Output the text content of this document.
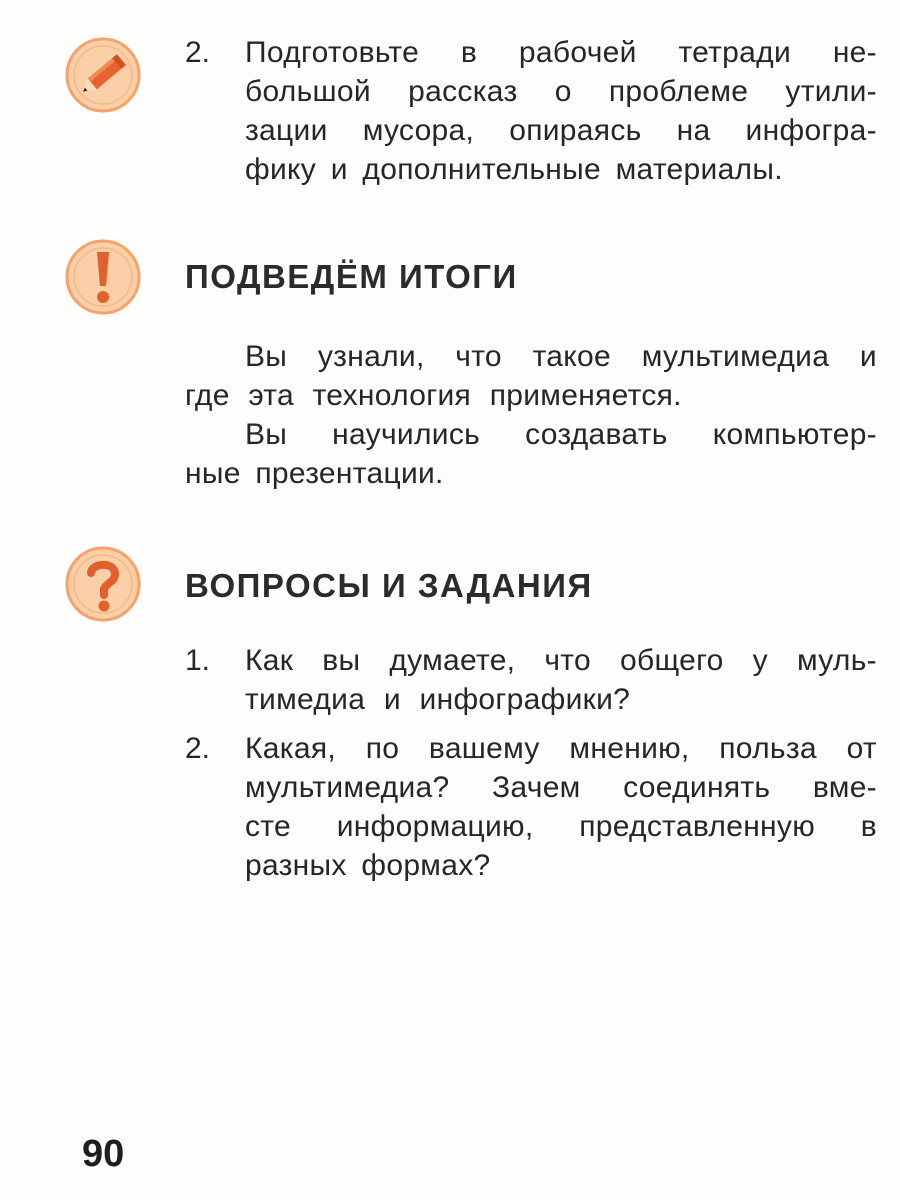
2. Подготовьте в рабочей тетради не-
большой рассказ о проблеме утили-
зации мусора, опираясь на инфогра-
фику и дополнительные материалы.
ПОДВЕДЁМ ИТОГИ
Вы узнали, что такое мультимедиа и
где эта технология применяется.
Вы научились создавать компьютер-
ные презентации.
ВОПРОСЫ И ЗАДАНИЯ
1. Как вы думаете, что общего у муль-
тимедиа и инфографики?
2. Какая, по вашему мнению, польза от
мультимедиа? Зачем соединять вме-
сте информацию, представленную в
разных формах?
90
